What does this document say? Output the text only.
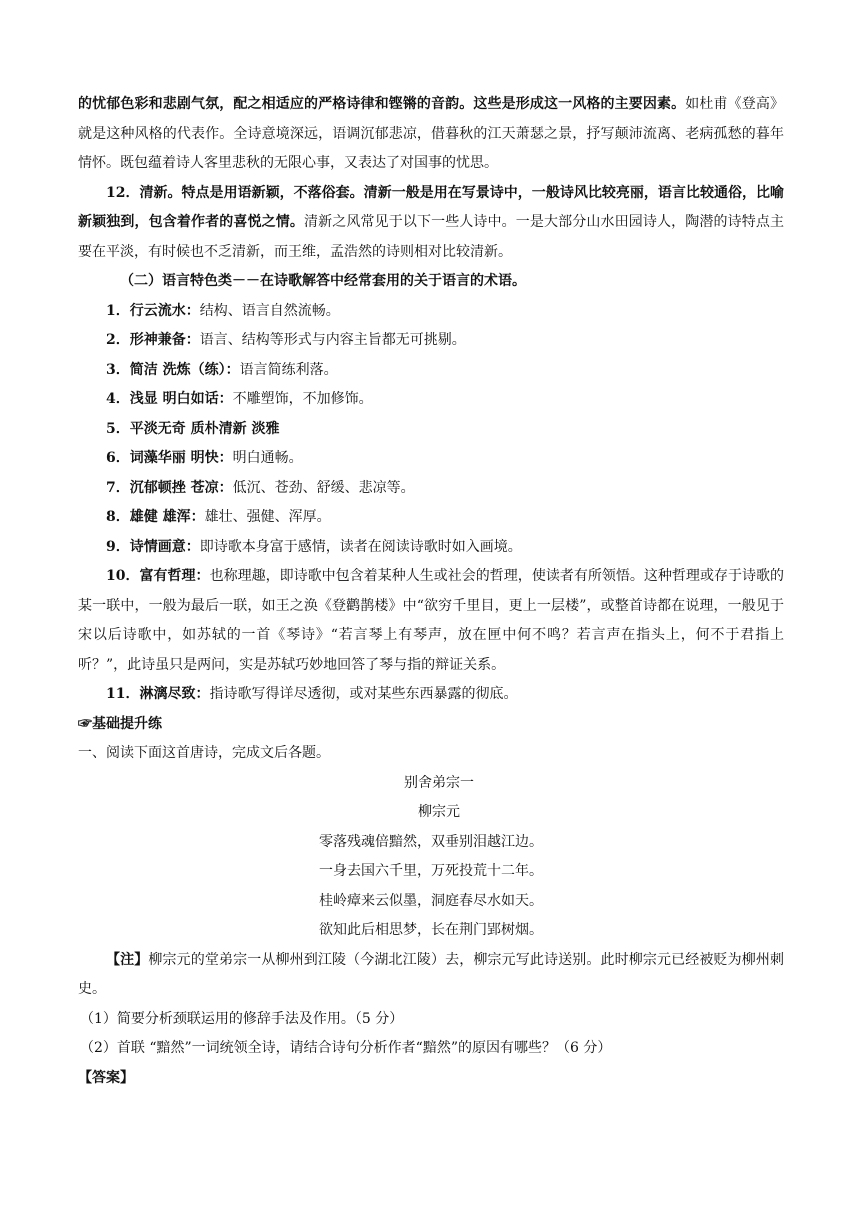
的忧郁色彩和悲剧气氛，配之相适应的严格诗律和铿锵的音韵。这些是形成这一风格的主要因素。如杜甫《登高》就是这种风格的代表作。全诗意境深远，语调沉郁悲凉，借暮秋的江天萧瑟之景，抒写颠沛流离、老病孤愁的暮年情怀。既包蕴着诗人客里悲秋的无限心事，又表达了对国事的忧思。

12．清新。特点是用语新颖，不落俗套。清新一般是用在写景诗中，一般诗风比较亮丽，语言比较通俗，比喻新颖独到，包含着作者的喜悦之情。清新之风常见于以下一些人诗中。一是大部分山水田园诗人，陶潜的诗特点主要在平淡，有时候也不乏清新，而王维，孟浩然的诗则相对比较清新。

（二）语言特色类－－在诗歌解答中经常套用的关于语言的术语。

1．行云流水：结构、语言自然流畅。

2．形神兼备：语言、结构等形式与内容主旨都无可挑剔。

3．简洁 洗炼（练）：语言简练利落。

4．浅显 明白如话：不雕塑饰，不加修饰。

5．平淡无奇 质朴清新 淡雅

6．词藻华丽 明快：明白通畅。

7．沉郁顿挫 苍凉：低沉、苍劲、舒缓、悲凉等。

8．雄健 雄浑：雄壮、强健、浑厚。

9．诗情画意：即诗歌本身富于感情，读者在阅读诗歌时如入画境。

10．富有哲理：也称理趣，即诗歌中包含着某种人生或社会的哲理，使读者有所领悟。这种哲理或存于诗歌的某一联中，一般为最后一联，如王之涣《登鹳鹊楼》中“欲穷千里目，更上一层楼”，或整首诗都在说理，一般见于宋以后诗歌中，如苏轼的一首《琴诗》“若言琴上有琴声，放在匣中何不鸣？若言声在指头上，何不于君指上听？”，此诗虽只是两问，实是苏轼巧妙地回答了琴与指的辩证关系。

11．淋漓尽致：指诗歌写得详尽透彻，或对某些东西暴露的彻底。

☞基础提升练

一、阅读下面这首唐诗，完成文后各题。

别舍弟宗一

柳宗元

零落残魂倍黯然，双垂别泪越江边。

一身去国六千里，万死投荒十二年。

桂岭瘴来云似墨，洞庭春尽水如天。

欲知此后相思梦，长在荆门郢树烟。

【注】柳宗元的堂弟宗一从柳州到江陵（今湖北江陵）去，柳宗元写此诗送别。此时柳宗元已经被贬为柳州刺史。

（1）简要分析颈联运用的修辞手法及作用。（5 分）

（2）首联 “黯然”一词统领全诗，请结合诗句分析作者“黯然”的原因有哪些？（6 分）

【答案】
